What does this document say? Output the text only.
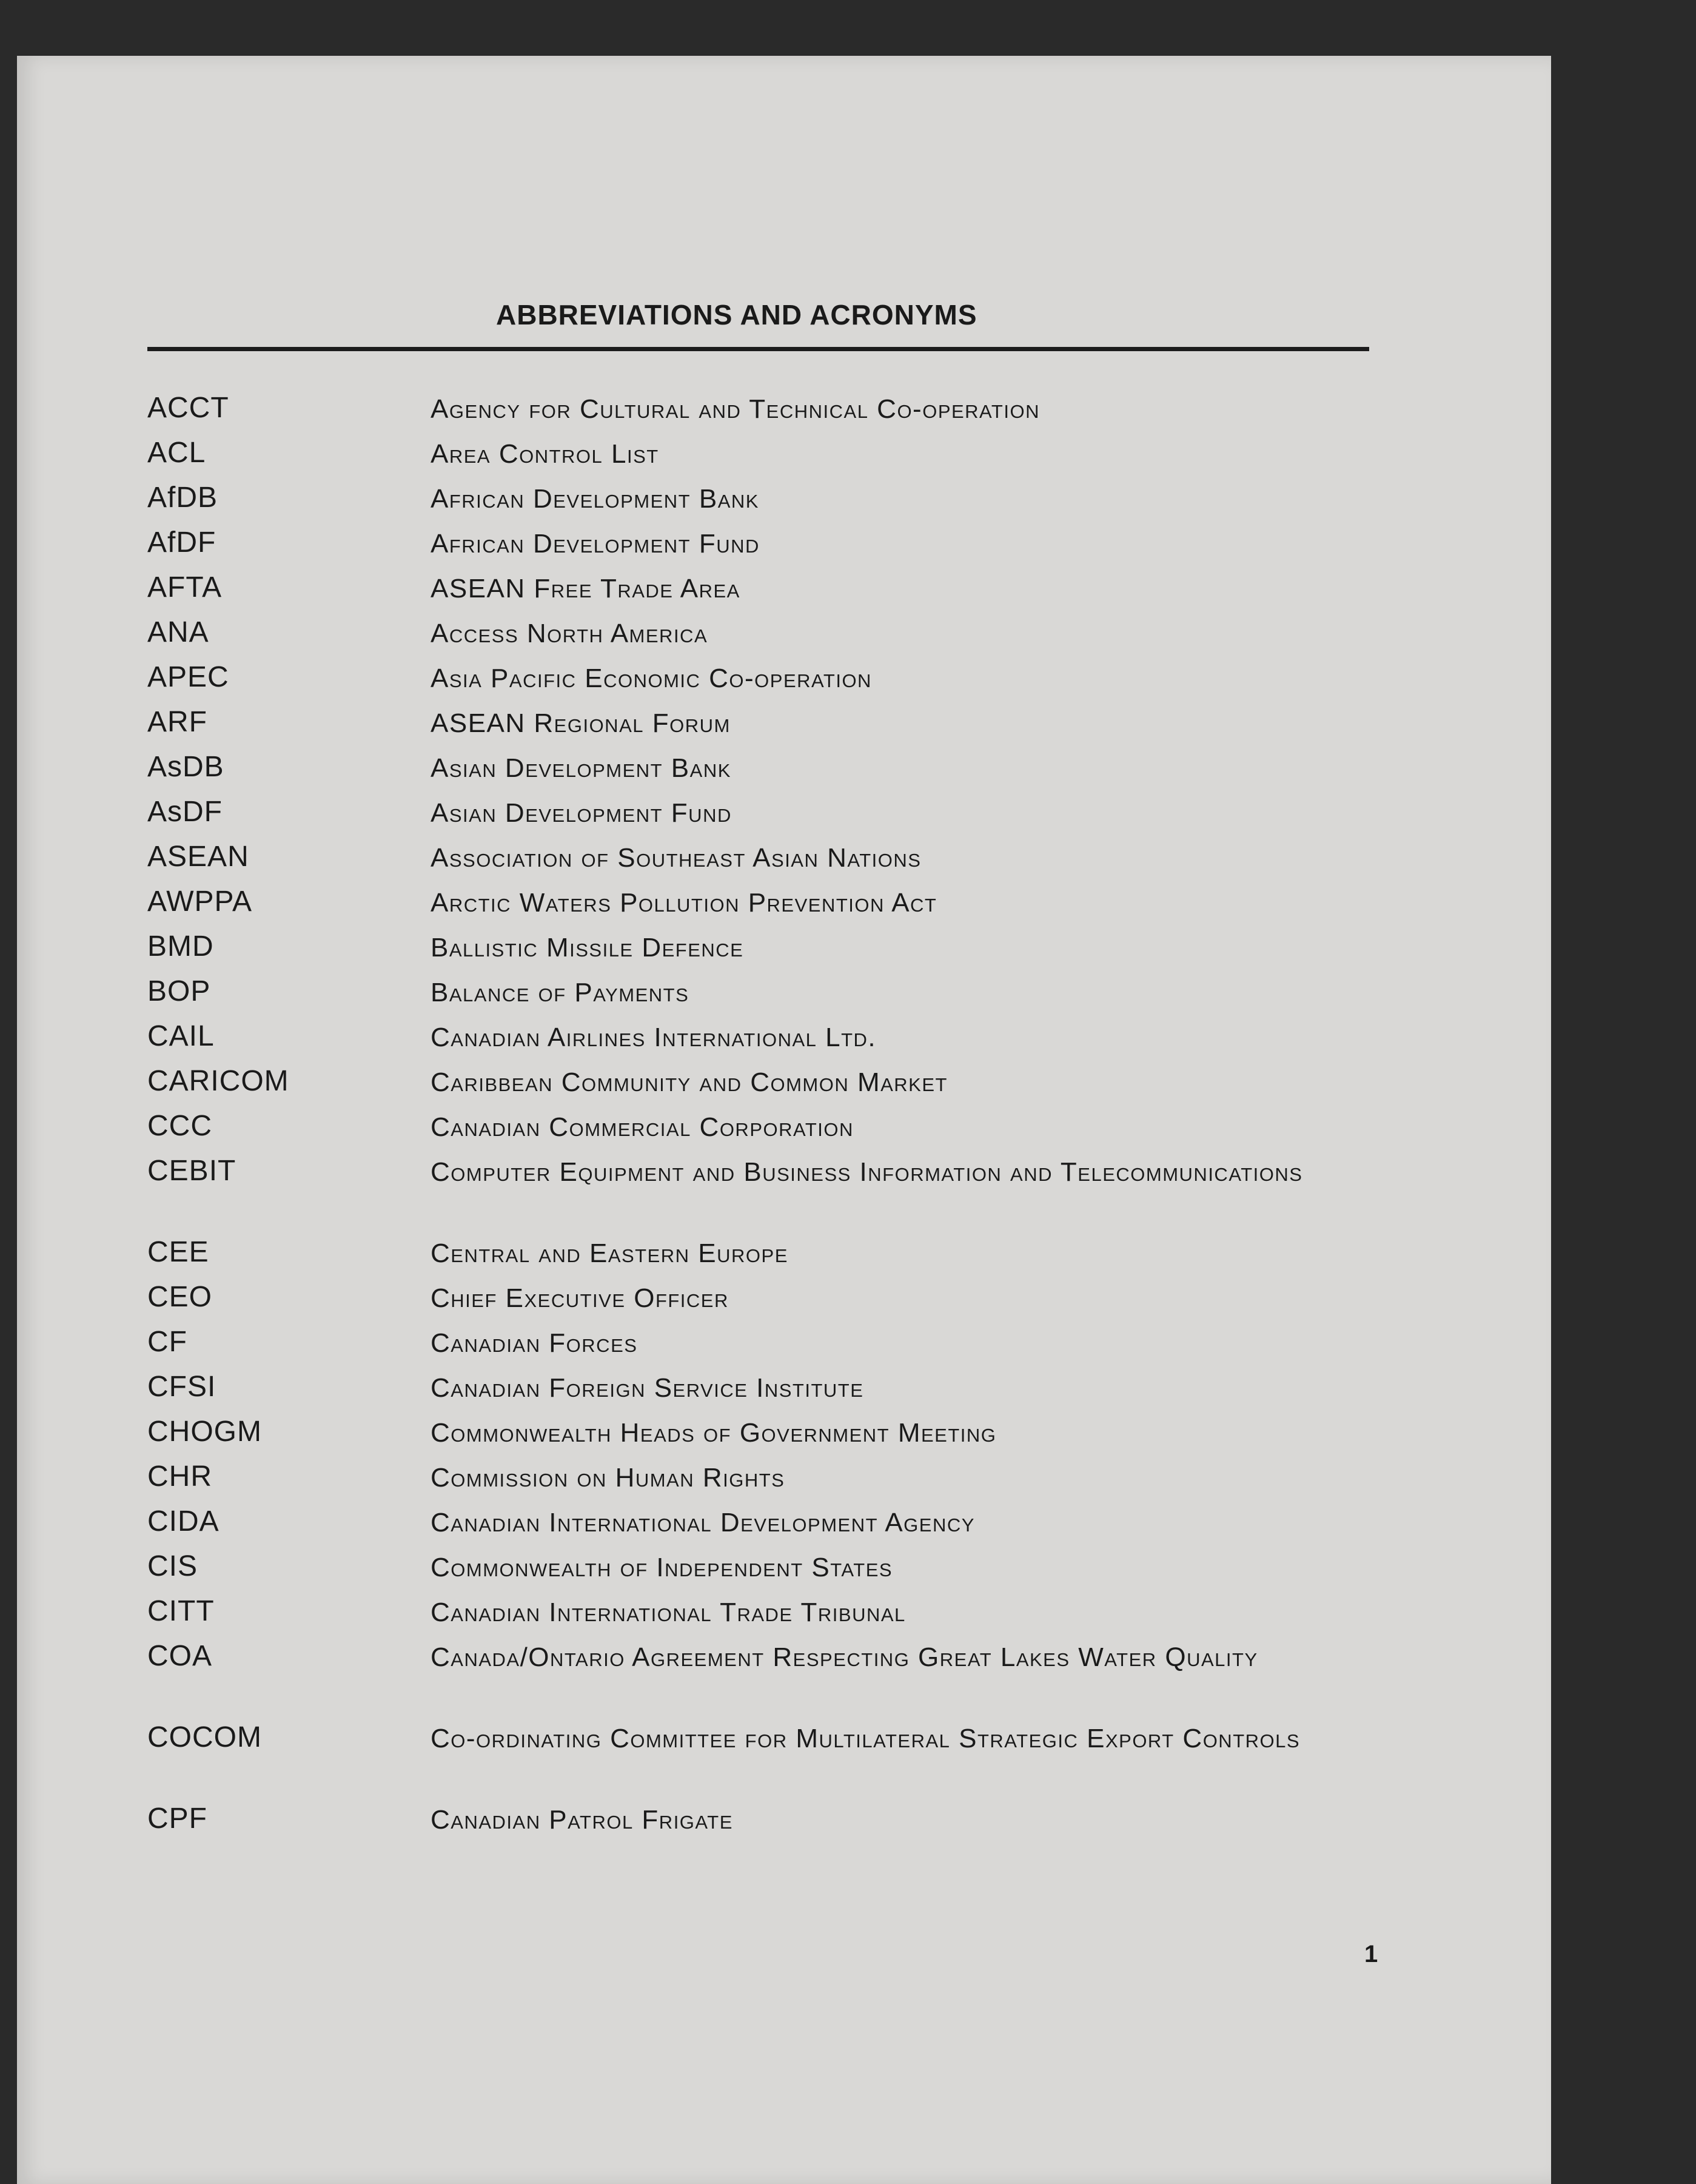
ABBREVIATIONS AND ACRONYMS
ACCT	Agency for Cultural and Technical Co-operation
ACL	Area Control List
AfDB	African Development Bank
AfDF	African Development Fund
AFTA	ASEAN Free Trade Area
ANA	Access North America
APEC	Asia Pacific Economic Co-operation
ARF	ASEAN Regional Forum
AsDB	Asian Development Bank
AsDF	Asian Development Fund
ASEAN	Association of Southeast Asian Nations
AWPPA	Arctic Waters Pollution Prevention Act
BMD	Ballistic Missile Defence
BOP	Balance of Payments
CAIL	Canadian Airlines International Ltd.
CARICOM	Caribbean Community and Common Market
CCC	Canadian Commercial Corporation
CEBIT	Computer Equipment and Business Information and Telecommunications
CEE	Central and Eastern Europe
CEO	Chief Executive Officer
CF	Canadian Forces
CFSI	Canadian Foreign Service Institute
CHOGM	Commonwealth Heads of Government Meeting
CHR	Commission on Human Rights
CIDA	Canadian International Development Agency
CIS	Commonwealth of Independent States
CITT	Canadian International Trade Tribunal
COA	Canada/Ontario Agreement Respecting Great Lakes Water Quality
COCOM	Co-ordinating Committee for Multilateral Strategic Export Controls
CPF	Canadian Patrol Frigate
1
